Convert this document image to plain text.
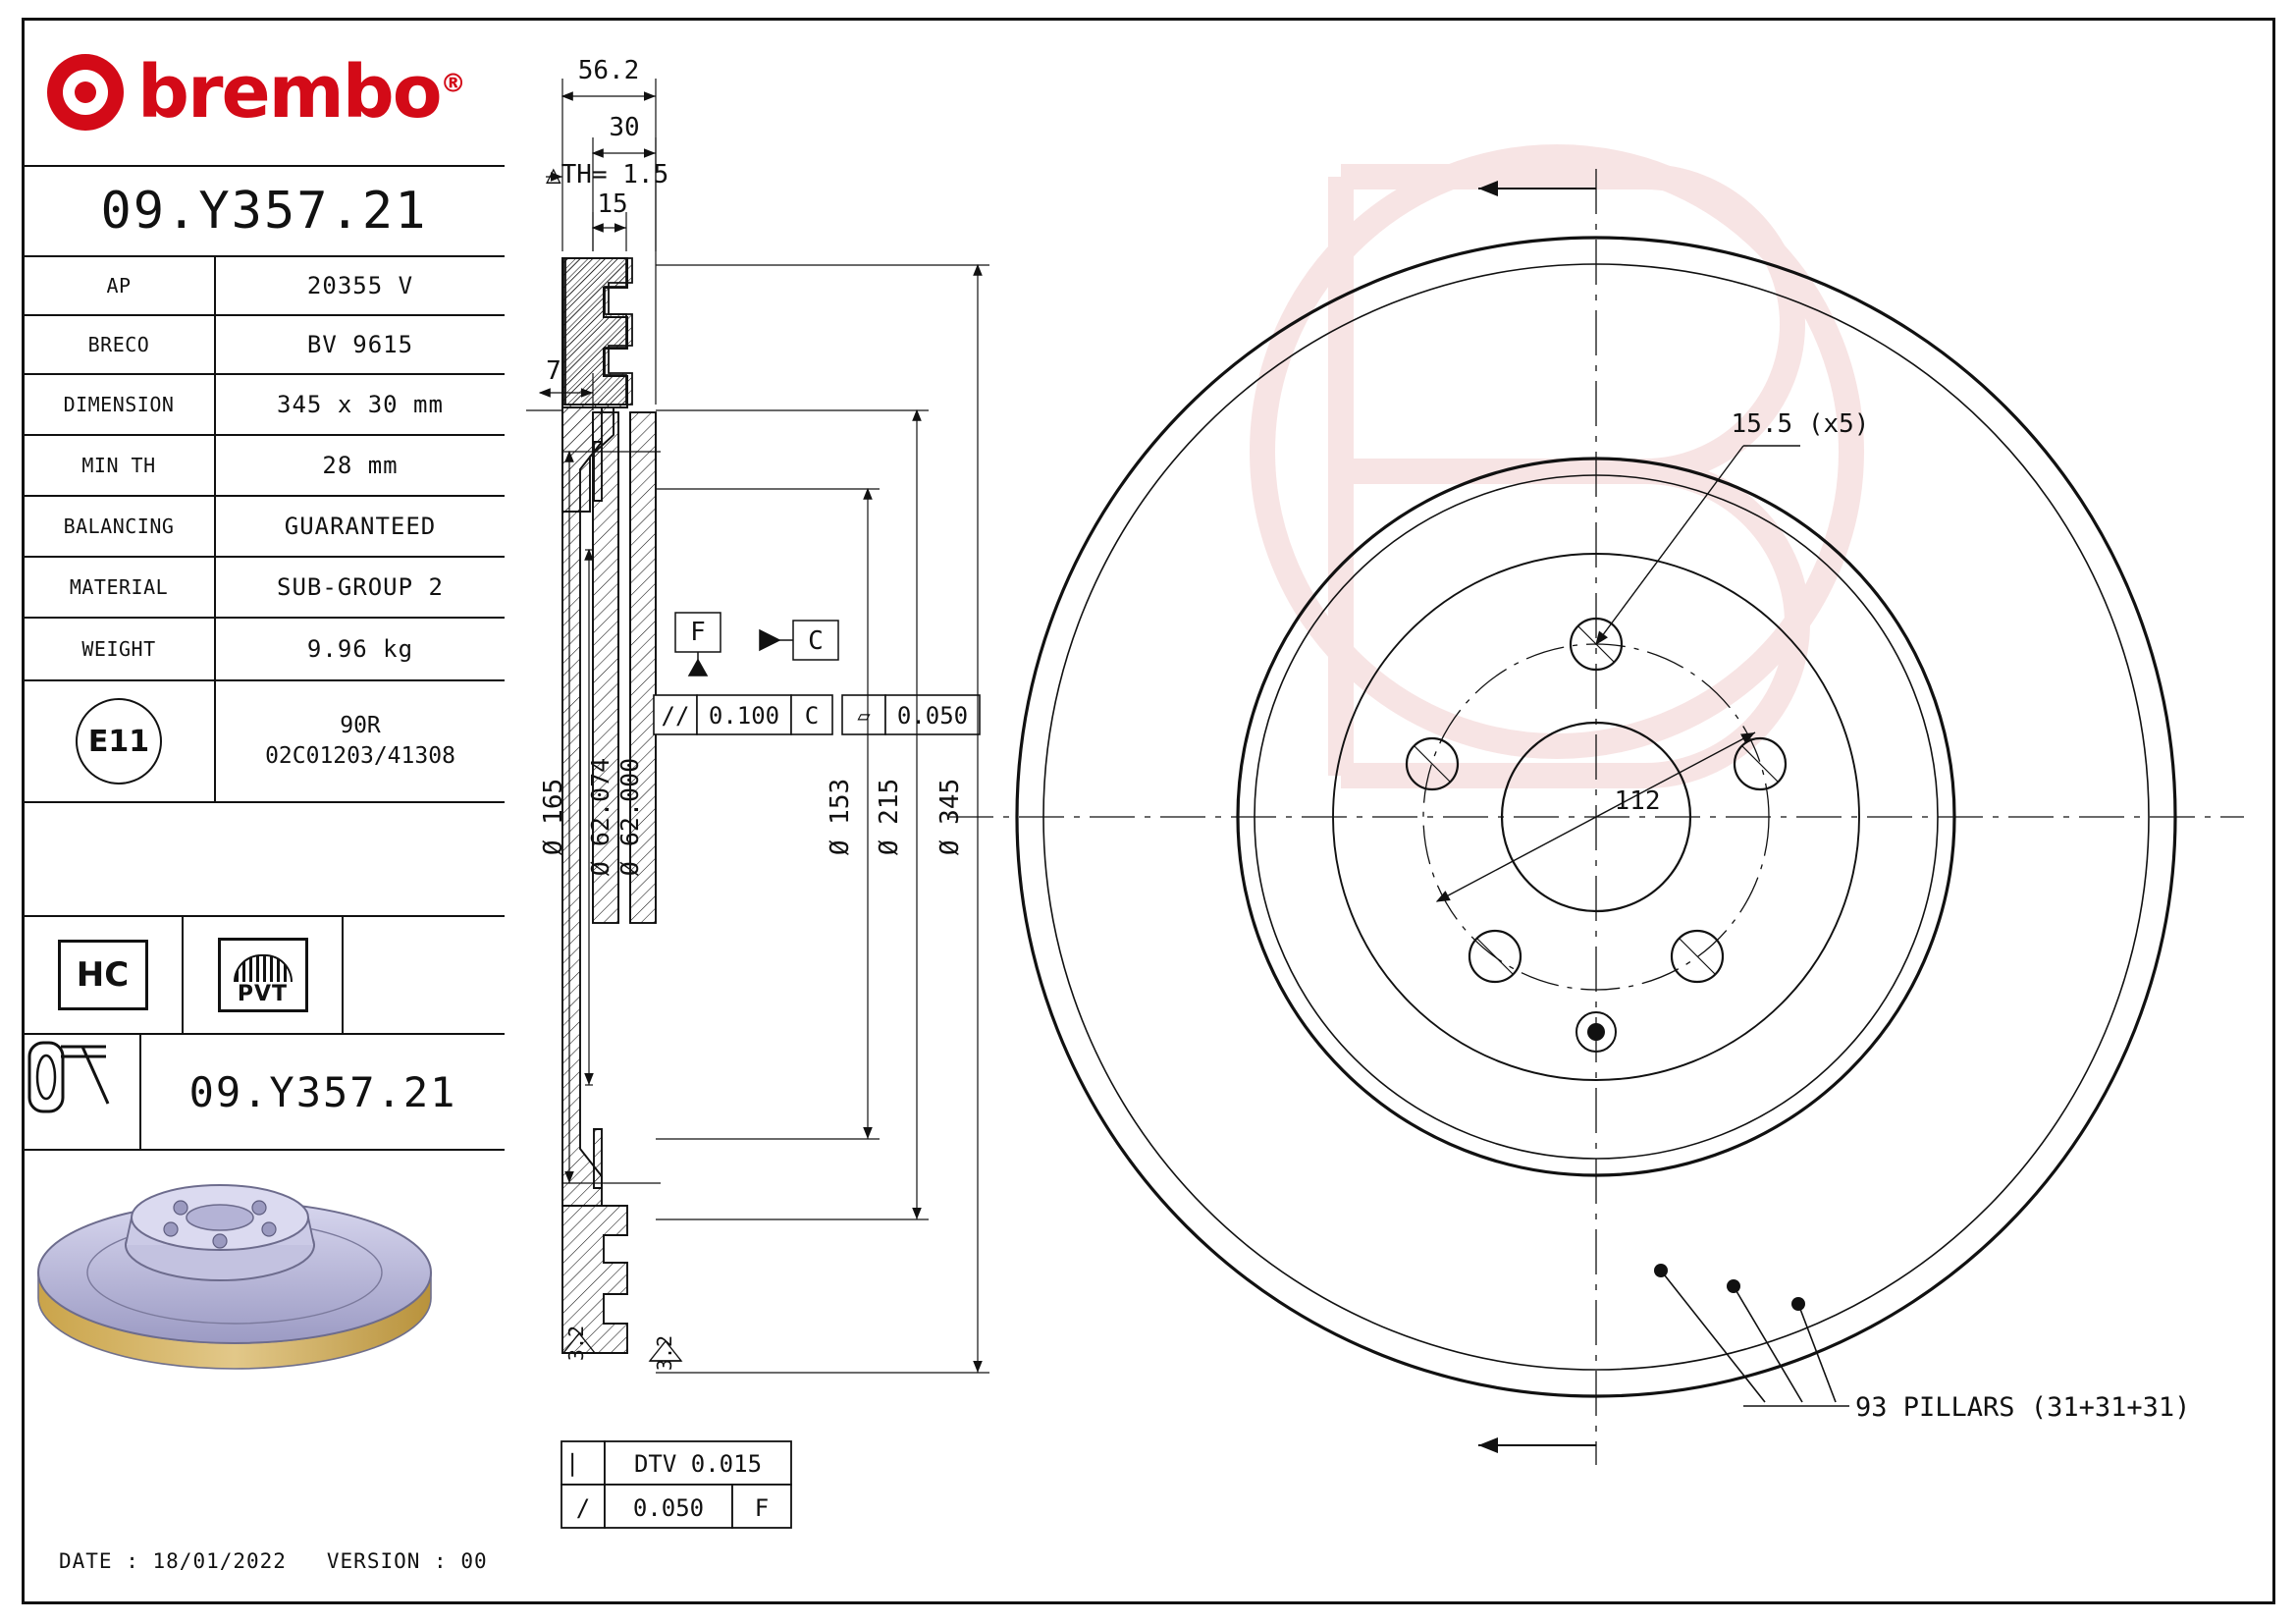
brembo®
09.Y357.21
AP	20355 V
BRECO	BV 9615
DIMENSION	345 x 30 mm
MIN TH	28 mm
BALANCING	GUARANTEED
MATERIAL	SUB-GROUP 2
WEIGHT	9.96 kg
E11	90R
02C01203/41308
HC	PVT
09.Y357.21
DATE : 18/01/2022 VERSION : 00
56.2
30
15
△TH= 1.5
7
Ø 165 Ø 62.074 Ø 62.000
F	C
// 0.100 C ▱ 0.050
Ø 153 Ø 215 Ø 345
3.2	3.2
⎸ DTV 0.015
/ 0.050 F
15.5 (x5)
112
93 PILLARS (31+31+31)
